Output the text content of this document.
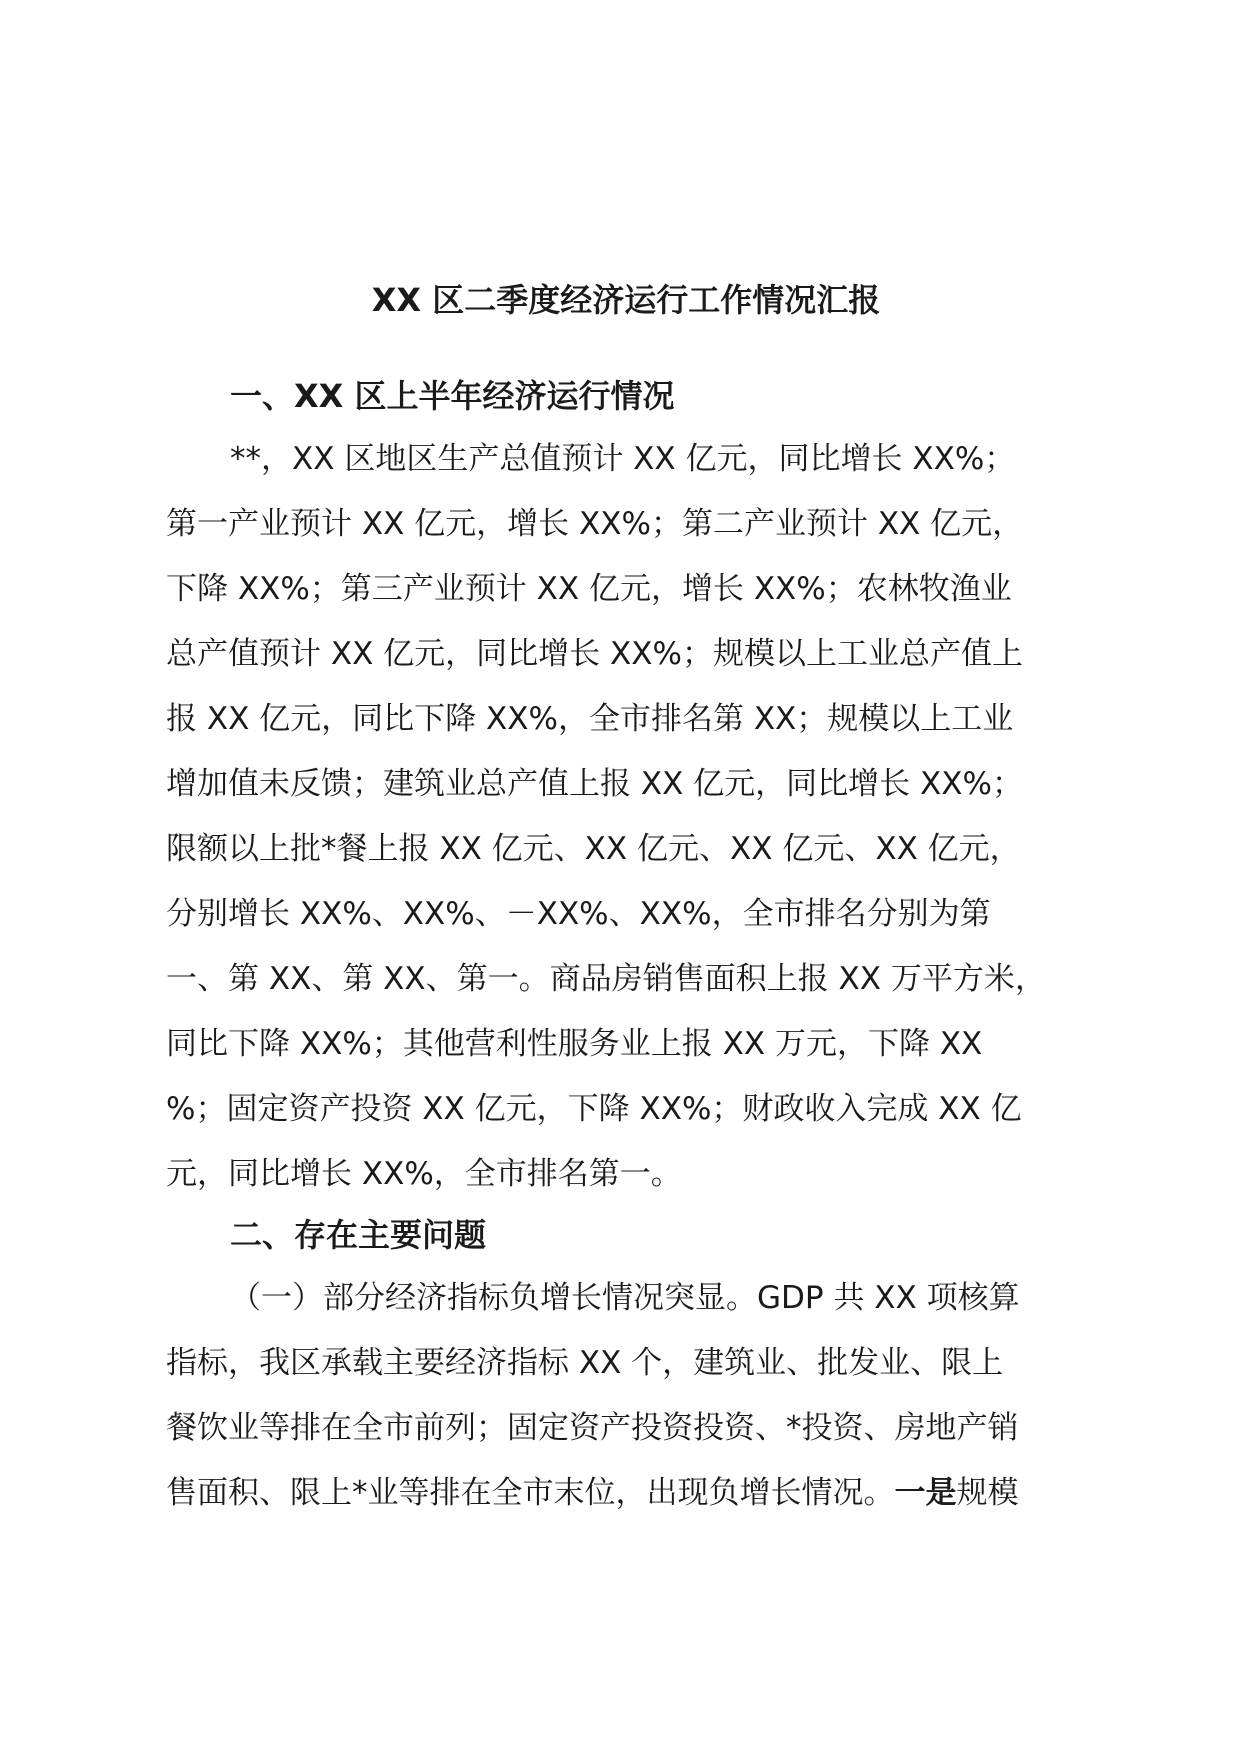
XX 区二季度经济运行工作情况汇报
一、XX 区上半年经济运行情况
**，XX 区地区生产总值预计 XX 亿元，同比增长 XX%；
第一产业预计 XX 亿元，增长 XX%；第二产业预计 XX 亿元，
下降 XX%；第三产业预计 XX 亿元，增长 XX%；农林牧渔业
总产值预计 XX 亿元，同比增长 XX%；规模以上工业总产值上
报 XX 亿元，同比下降 XX%，全市排名第 XX；规模以上工业
增加值未反馈；建筑业总产值上报 XX 亿元，同比增长 XX%；
限额以上批*餐上报 XX 亿元、XX 亿元、XX 亿元、XX 亿元，
分别增长 XX%、XX%、－XX%、XX%，全市排名分别为第
一、第 XX、第 XX、第一。商品房销售面积上报 XX 万平方米，
同比下降 XX%；其他营利性服务业上报 XX 万元，下降 XX
%；固定资产投资 XX 亿元，下降 XX%；财政收入完成 XX 亿
元，同比增长 XX%，全市排名第一。
二、存在主要问题
（一）部分经济指标负增长情况突显。GDP 共 XX 项核算
指标，我区承载主要经济指标 XX 个，建筑业、批发业、限上
餐饮业等排在全市前列；固定资产投资投资、*投资、房地产销
售面积、限上*业等排在全市末位，出现负增长情况。一是规模
